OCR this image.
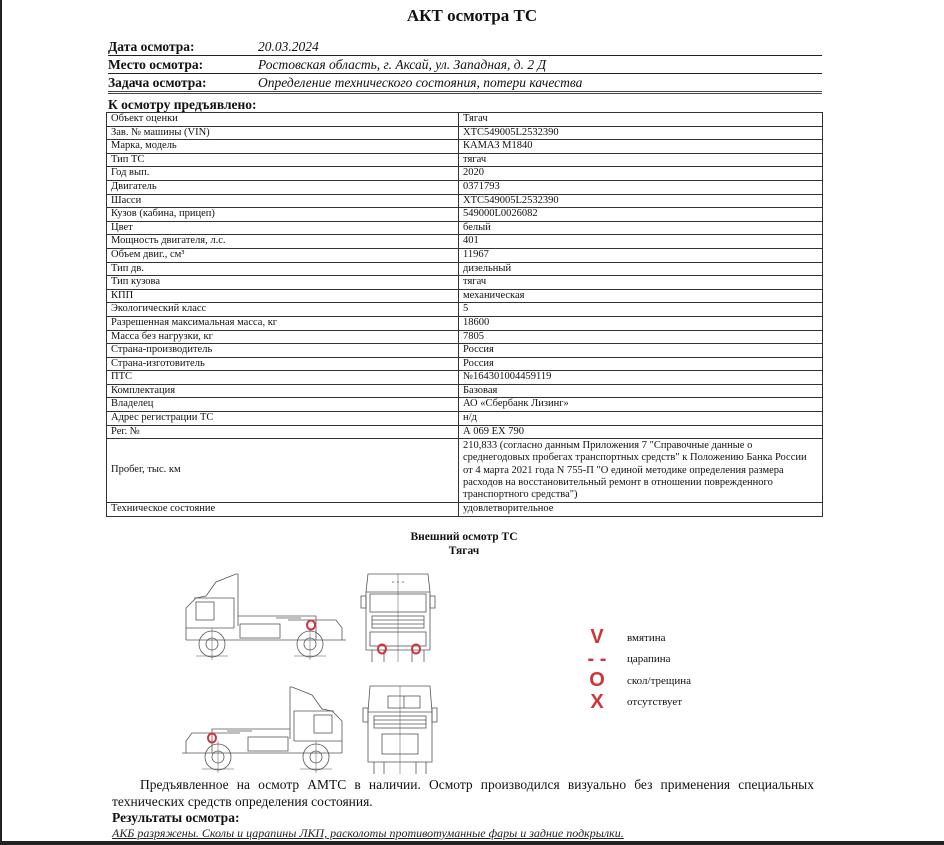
АКТ осмотра ТС
Дата осмотра:	20.03.2024
Место осмотра:	Ростовская область, г. Аксай, ул. Западная, д. 2 Д
Задача осмотра:	Определение технического состояния, потери качества
К осмотру предъявлено:
Объект оценки	Тягач
Зав. № машины (VIN)	XTC549005L2532390
Марка, модель	КАМАЗ М1840
Тип ТС	тягач
Год вып.	2020
Двигатель	0371793
Шасси	XTC549005L2532390
Кузов (кабина, прицеп)	549000L0026082
Цвет	белый
Мощность двигателя, л.с.	401
Объем двиг., см³	11967
Тип дв.	дизельный
Тип кузова	тягач
КПП	механическая
Экологический класс	5
Разрешенная максимальная масса, кг	18600
Масса без нагрузки, кг	7805
Страна-производитель	Россия
Страна-изготовитель	Россия
ПТС	№164301004459119
Комплектация	Базовая
Владелец	АО «Сбербанк Лизинг»
Адрес регистрации ТС	н/д
Рег. №	А 069 ЕХ 790
Пробег, тыс. км	210,833 (согласно данным Приложения 7 "Справочные данные о среднегодовых пробегах транспортных средств" к Положению Банка России от 4 марта 2021 года N 755-П "О единой методике определения размера расходов на восстановительный ремонт в отношении поврежденного транспортного средства")
Техническое состояние	удовлетворительное
Внешний осмотр ТС
Тягач
V	вмятина
- -	царапина
O	скол/трещина
X	отсутствует
Предъявленное на осмотр АМТС в наличии. Осмотр производился визуально без применения специальных технических средств определения состояния.
Результаты осмотра:
АКБ разряжены. Сколы и царапины ЛКП, расколоты противотуманные фары и задние подкрылки.
